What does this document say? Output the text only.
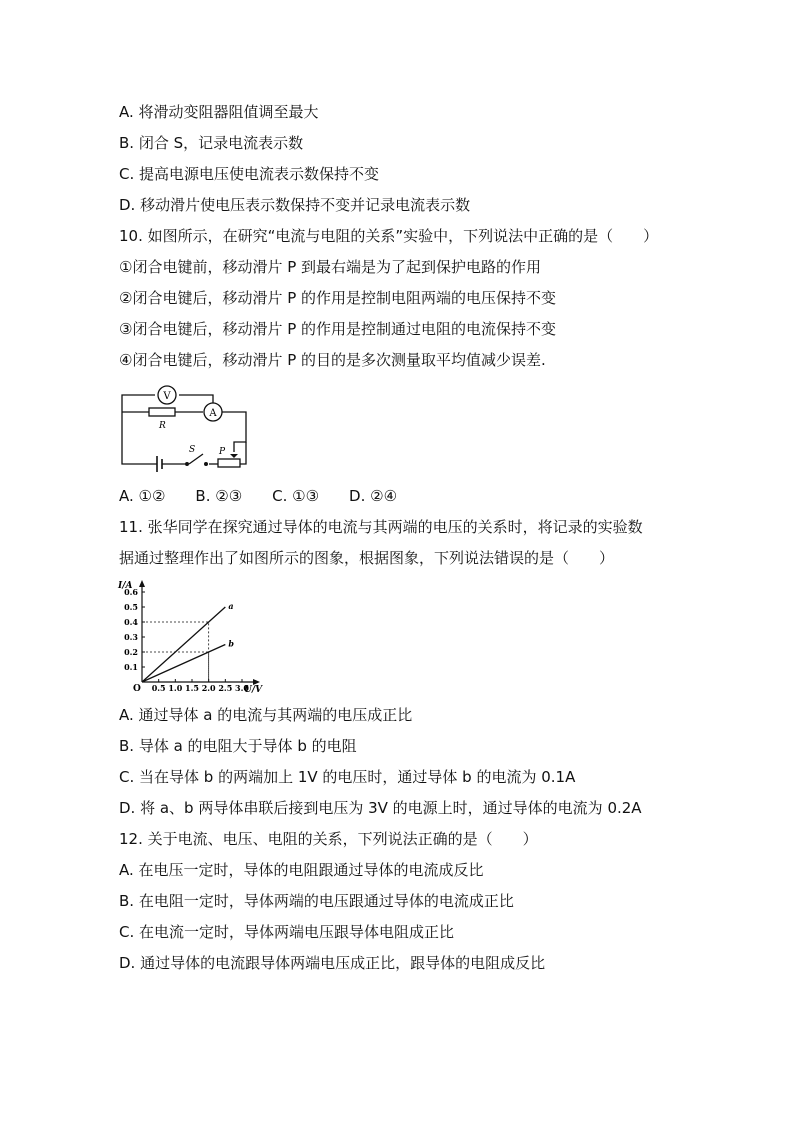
A. 将滑动变阻器阻值调至最大
B. 闭合 S，记录电流表示数
C. 提高电源电压使电流表示数保持不变
D. 移动滑片使电压表示数保持不变并记录电流表示数
10. 如图所示，在研究“电流与电阻的关系”实验中，下列说法中正确的是（　　）
①闭合电键前，移动滑片 P 到最右端是为了起到保护电路的作用
②闭合电键后，移动滑片 P 的作用是控制电阻两端的电压保持不变
③闭合电键后，移动滑片 P 的作用是控制通过电阻的电流保持不变
④闭合电键后，移动滑片 P 的目的是多次测量取平均值减少误差.
V
A
R
S	P
A. ①②　　B. ②③　　C. ①③　　D. ②④
11. 张华同学在探究通过导体的电流与其两端的电压的关系时，将记录的实验数
据通过整理作出了如图所示的图象，根据图象，下列说法错误的是（　　）
I/A
U/V
O 0.5 1.0 1.5 2.0 2.5 3.0
0.1
0.2
0.3
0.4
0.5
0.6
a
b
A. 通过导体 a 的电流与其两端的电压成正比
B. 导体 a 的电阻大于导体 b 的电阻
C. 当在导体 b 的两端加上 1V 的电压时，通过导体 b 的电流为 0.1A
D. 将 a、b 两导体串联后接到电压为 3V 的电源上时，通过导体的电流为 0.2A
12. 关于电流、电压、电阻的关系，下列说法正确的是（　　）
A. 在电压一定时，导体的电阻跟通过导体的电流成反比
B. 在电阻一定时，导体两端的电压跟通过导体的电流成正比
C. 在电流一定时，导体两端电压跟导体电阻成正比
D. 通过导体的电流跟导体两端电压成正比，跟导体的电阻成反比
